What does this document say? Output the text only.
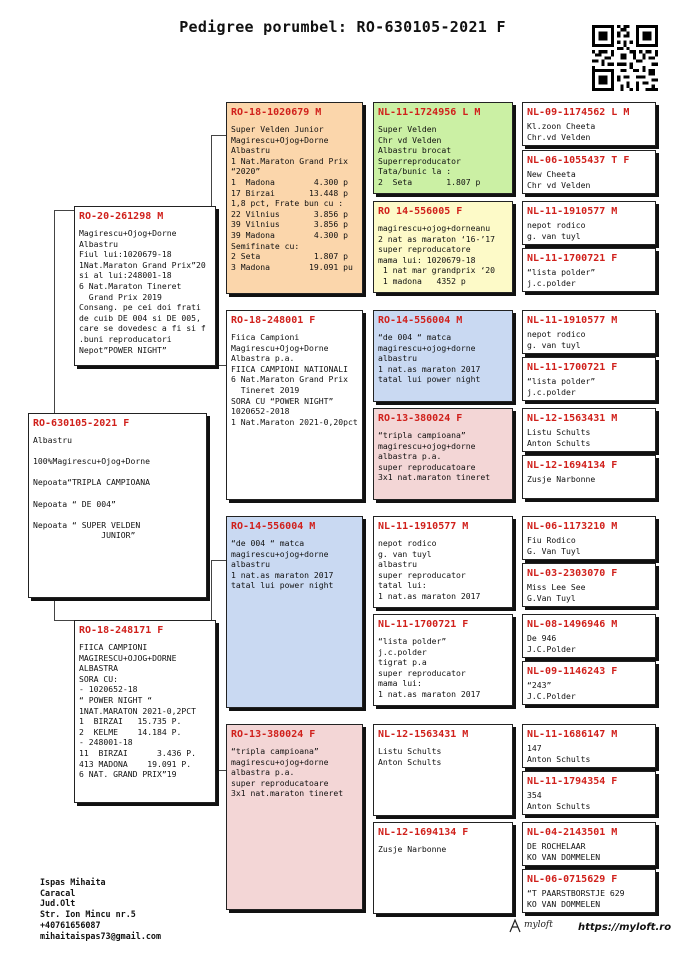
Pedigree porumbel: RO-630105-2021 F
RO-630105-2021 F
Albastru

100%Magirescu+Ojog+Dorne

Nepoata“TRIPLA CAMPIOANA

Nepoata “ DE 004”

Nepoata “ SUPER VELDEN
JUNIOR”
RO-20-261298 M
Magirescu+Ojog+Dorne
Albastru
Fiul lui:1020679-18
1Nat.Maraton Grand Prix”20
si al lui:248001-18
6 Nat.Maraton Tineret
Grand Prix 2019
Consang. pe cei doi frati
de cuib DE 004 si DE 005,
care se dovedesc a fi si f
.buni reproducatori
Nepot”POWER NIGHT”
RO-18-248171 F
FIICA CAMPIONI
MAGIRESCU+OJOG+DORNE
ALBASTRA
SORA CU:
- 1020652-18
“ POWER NIGHT “
1NAT.MARATON 2021-0,2PCT
1  BIRZAI   15.735 P.
2  KELME    14.184 P.
- 248001-18
11  BIRZAI      3.436 P.
413 MADONA    19.091 P.
6 NAT. GRAND PRIX”19
RO-18-1020679 M
Super Velden Junior
Magirescu+Ojog+Dorne
Albastru
1 Nat.Maraton Grand Prix
“2020”
1  Madona        4.300 p
17 Birzai       13.448 p
1,8 pct, Frate bun cu :
22 Vilnius       3.856 p
39 Vilnius       3.856 p
39 Madona        4.300 p
Semifinate cu:
2 Seta           1.807 p
3 Madona        19.091 pu
RO-18-248001 F
Fiica Campioni
Magirescu+Ojog+Dorne
Albastra p.a.
FIICA CAMPIONI NATIONALI
6 Nat.Maraton Grand Prix
Tineret 2019
SORA CU “POWER NIGHT”
1020652-2018
1 Nat.Maraton 2021-0,20pct
RO-14-556004 M
“de 004 “ matca
magirescu+ojog+dorne
albastru
1 nat.as maraton 2017
tatal lui power night
RO-13-380024 F
“tripla campioana”
magirescu+ojog+dorne
albastra p.a.
super reproducatoare
3x1 nat.maraton tineret
NL-11-1724956 L M
Super Velden
Chr vd Velden
Albastru brocat
Superreproducator
Tata/bunic la :
2  Seta       1.807 p
RO 14-556005 F
magirescu+ojog+dorneanu
2 nat as maraton ‘16-’17
super reproducatore
mama lui: 1020679-18
1 nat mar grandprix ‘20
1 madona   4352 p
RO-14-556004 M
“de 004 “ matca
magirescu+ojog+dorne
albastru
1 nat.as maraton 2017
tatal lui power night
RO-13-380024 F
“tripla campioana”
magirescu+ojog+dorne
albastra p.a.
super reproducatoare
3x1 nat.maraton tineret
NL-11-1910577 M
nepot rodico
g. van tuyl
albastru
super reproducator
tatal lui:
1 nat.as maraton 2017
NL-11-1700721 F
“lista polder”
j.c.polder
tigrat p.a
super reproducator
mama lui:
1 nat.as maraton 2017
NL-12-1563431 M
Listu Schults
Anton Schults
NL-12-1694134 F
Zusje Narbonne
NL-09-1174562 L M
Kl.zoon Cheeta
Chr.vd Velden
NL-06-1055437 T F
New Cheeta
Chr vd Velden
NL-11-1910577 M
nepot rodico
g. van tuyl
NL-11-1700721 F
“lista polder”
j.c.polder
NL-11-1910577 M
nepot rodico
g. van tuyl
NL-11-1700721 F
“lista polder”
j.c.polder
NL-12-1563431 M
Listu Schults
Anton Schults
NL-12-1694134 F
Zusje Narbonne
NL-06-1173210 M
Fiu Rodico
G. Van Tuyl
NL-03-2303070 F
Miss Lee See
G.Van Tuyl
NL-08-1496946 M
De 946
J.C.Polder
NL-09-1146243 F
“243”
J.C.Polder
NL-11-1686147 M
147
Anton Schults
NL-11-1794354 F
354
Anton Schults
NL-04-2143501 M
DE ROCHELAAR
KO VAN DOMMELEN
NL-06-0715629 F
“T PAARSTBORSTJE 629
KO VAN DOMMELEN
Ispas Mihaita
Caracal
Jud.Olt
Str. Ion Mincu nr.5
+40761656087
mihaitaispas73@gmail.com
myloft	https://myloft.ro
